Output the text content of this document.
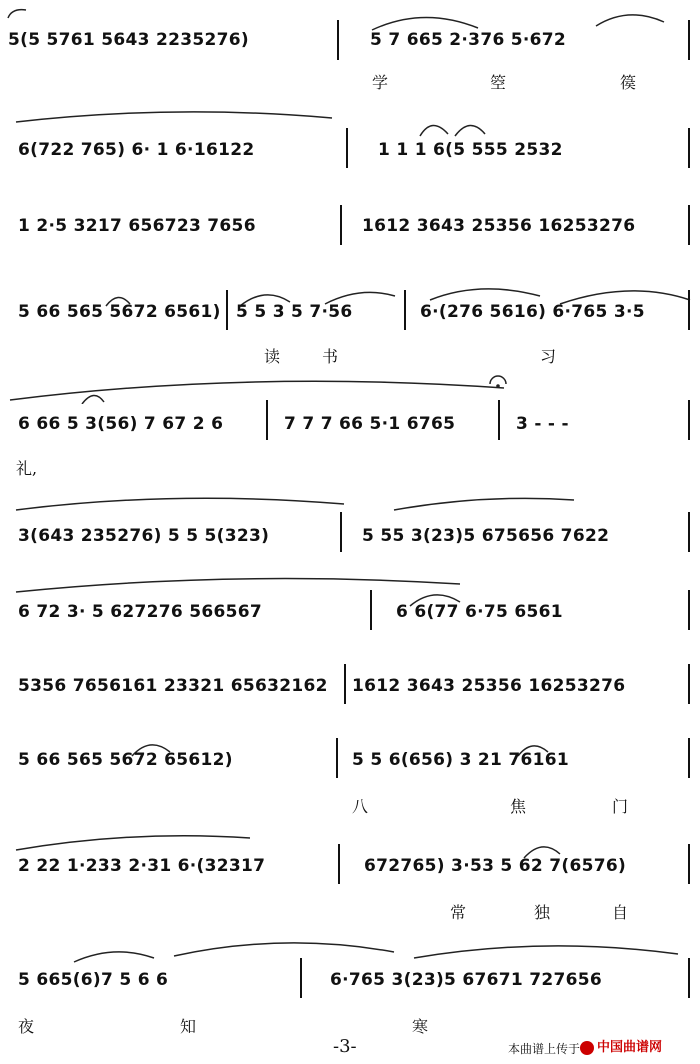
5(5 5761 5643 2235276)	5 7 665 2·376 5·672
学	箜	篌
6(722 765) 6· 1 6·16122	1 1 1 6(5 555 2532
1 2·5 3217 656723 7656	1612 3643 25356 16253276
5 66 565 5672 6561) 5 5 3 5 7·56	6·(276 5616) 6·765 3·5
读	书	习
6 66 5 3(56) 7 67 2 6	7 7 7 66 5·1 6765	3 - - -
礼,
3(643 235276) 5 5 5(323)	5 55 3(23)5 675656 7622
6 72 3· 5 627276 566567	6 6(77 6·75 6561
5356 7656161 23321 65632162 1612 3643 25356 16253276
5 66 565 5672 65612)	5 5 6(656) 3 21 76161
八	焦	门
2 22 1·233 2·31 6·(32317	672765) 3·53 5 62 7(6576)
常	独	自
5 665(6)7 5 6 6	6·765 3(23)5 67671 727656
夜	知	寒
-3-	本曲谱上传于	中国曲谱网
